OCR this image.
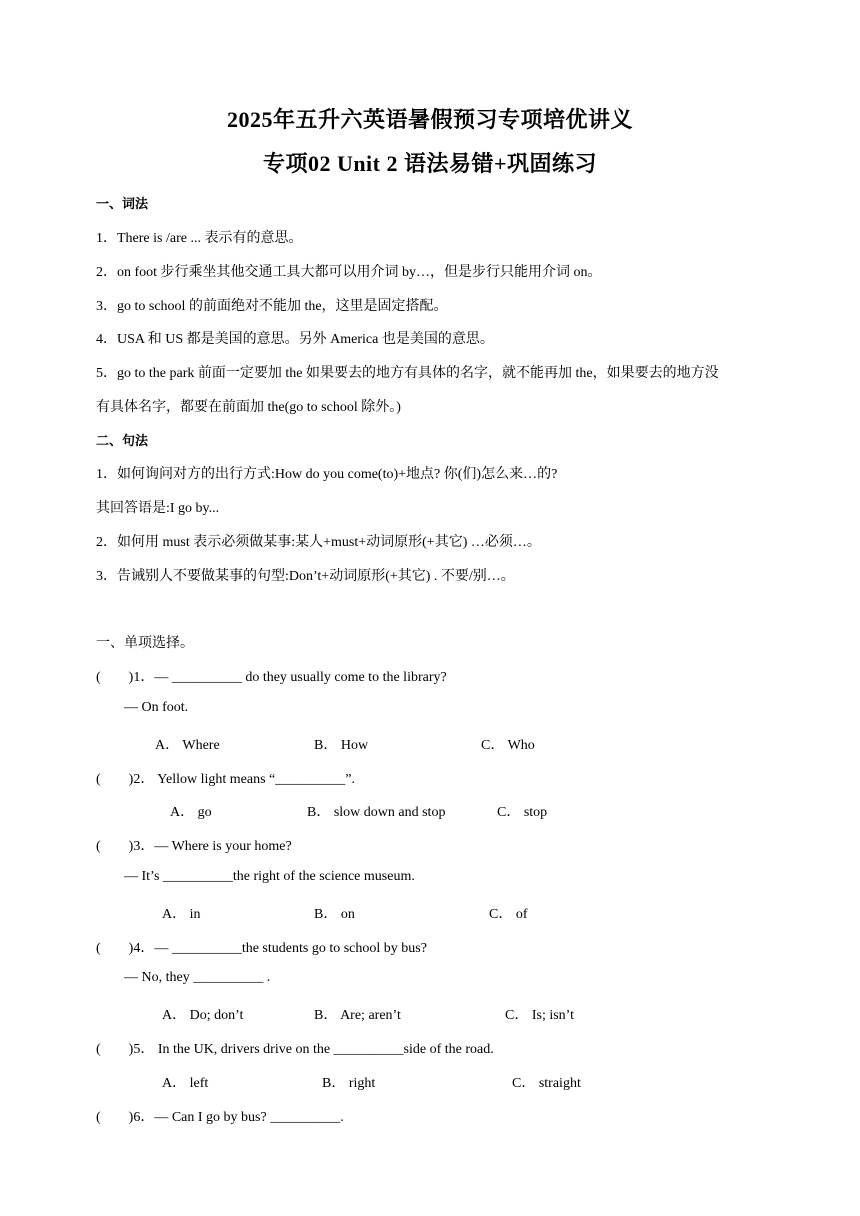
2025年五升六英语暑假预习专项培优讲义
专项02 Unit 2 语法易错+巩固练习
一、词法
1．There is /are ... 表示有的意思。
2．on foot 步行乘坐其他交通工具大都可以用介词 by…，但是步行只能用介词 on。
3．go to school 的前面绝对不能加 the，这里是固定搭配。
4．USA 和 US 都是美国的意思。另外 America 也是美国的意思。
5．go to the park 前面一定要加 the 如果要去的地方有具体的名字，就不能再加 the，如果要去的地方没
有具体名字，都要在前面加 the(go to school 除外。)
二、句法
1．如何询问对方的出行方式:How do you come(to)+地点? 你(们)怎么来…的?
其回答语是:I go by...
2．如何用 must 表示必须做某事:某人+must+动词原形(+其它) …必须…。
3．告诫别人不要做某事的句型:Don’t+动词原形(+其它) . 不要/别…。
一、单项选择。
(　　)1．— __________ do they usually come to the library?
— On foot.
A． Where	B． How	C． Who
(　　)2． Yellow light means “__________”.
A． go	B． slow down and stop	C． stop
(　　)3．— Where is your home?
— It’s __________the right of the science museum.
A． in	B． on	C． of
(　　)4．— __________the students go to school by bus?
— No, they __________ .
A． Do; don’t	B． Are; aren’t	C． Is; isn’t
(　　)5． In the UK, drivers drive on the __________side of the road.
A． left	B． right	C． straight
(　　)6．— Can I go by bus? __________.
